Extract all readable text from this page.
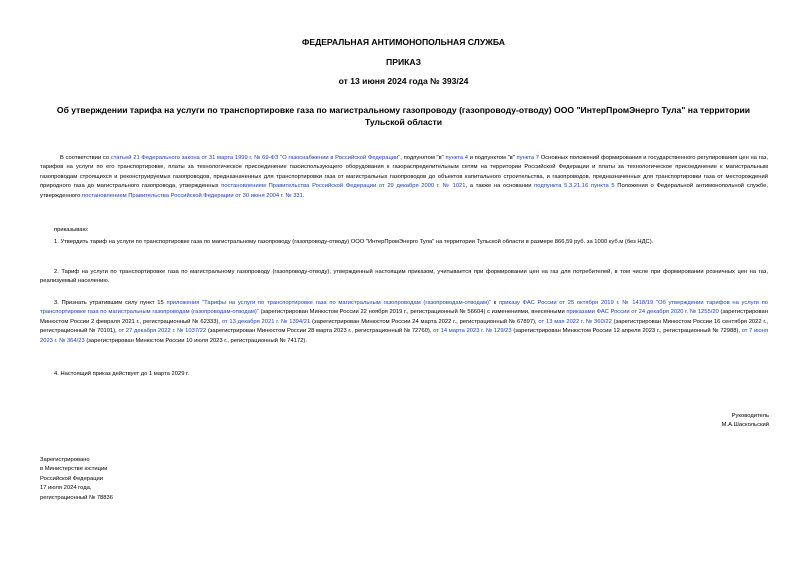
ФЕДЕРАЛЬНАЯ АНТИМОНОПОЛЬНАЯ СЛУЖБА
ПРИКАЗ
от 13 июня 2024 года № 393/24
Об утверждении тарифа на услуги по транспортировке газа по магистральному газопроводу (газопроводу-отводу) ООО "ИнтерПромЭнерго Тула" на территории Тульской области
В соответствии со статьей 21 Федерального закона от 31 марта 1999 г. № 69-ФЗ "О газоснабжении в Российской Федерации", подпунктом "в" пункта 4 и подпунктом "в" пункта 7 Основных положений формирования и государственного регулирования цен на газ, тарифов на услуги по его транспортировке, платы за технологическое присоединение газоиспользующего оборудования к газораспределительным сетям на территории Российской Федерации и платы за технологическое присоединение к магистральным газопроводам строящихся и реконструируемых газопроводов, предназначенных для транспортировки газа от магистральных газопроводов до объектов капитального строительства, и газопроводов, предназначенных для транспортировки газа от месторождений природного газа до магистрального газопровода, утвержденных постановлением Правительства Российской Федерации от 29 декабря 2000 г. № 1021, а также на основании подпункта 5.3.21.16 пункта 5 Положения о Федеральной антимонопольной службе, утвержденного постановлением Правительства Российской Федерации от 30 июня 2004 г. № 331.
приказываю:
1. Утвердить тариф на услуги по транспортировке газа по магистральному газопроводу (газопроводу-отводу) ООО "ИнтерПромЭнерго Тула" на территории Тульской области в размере 866,59 руб. за 1000 куб.м (без НДС).
2. Тариф на услуги по транспортировке газа по магистральному газопроводу (газопроводу-отводу), утвержденный настоящим приказом, учитывается при формировании цен на газ для потребителей, в том числе при формировании розничных цен на газ, реализуемый населению.
3. Признать утратившим силу пункт 15 приложения "Тарифы на услуги по транспортировке газа по магистральным газопроводам (газопроводам-отводам)" к приказу ФАС России от 25 октября 2019 г. № 1418/19 "Об утверждении тарифов на услуги по транспортировке газа по магистральным газопроводам (газопроводам-отводам)" (зарегистрирован Минюстом России 22 ноября 2019 г., регистрационный № 56604) с изменениями, внесенными приказами ФАС России от 24 декабря 2020 г. № 1255/20 (зарегистрирован Минюстом России 2 февраля 2021 г., регистрационный № 62333), от 13 декабря 2021 г. № 1394/21 (зарегистрирован Минюстом России 24 марта 2022 г., регистрационный № 67897), от 13 мая 2022 г. № 360/22 (зарегистрирован Минюстом России 16 сентября 2022 г., регистрационный № 70101), от 27 декабря 2022 г. № 1037/22 (зарегистрирован Минюстом России 28 марта 2023 г., регистрационный № 72760), от 14 марта 2023 г. № 129/23 (зарегистрирован Минюстом России 12 апреля 2023 г., регистрационный № 72988), от 7 июня 2023 г. № 364/23 (зарегистрирован Минюстом России 10 июля 2023 г., регистрационный № 74172).
4. Настоящий приказ действует до 1 марта 2029 г.
Руководитель
М.А.Шаскольский
Зарегистрировано
в Министерстве юстиции
Российской Федерации
17 июля 2024 года,
регистрационный № 78836
